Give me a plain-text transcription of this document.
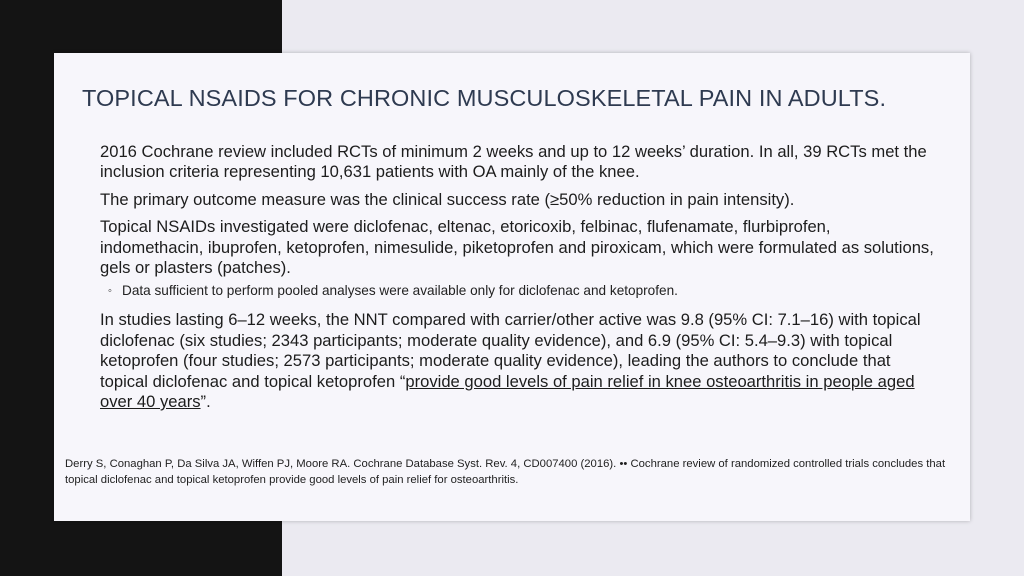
TOPICAL NSAIDS FOR CHRONIC MUSCULOSKELETAL PAIN IN ADULTS.

2016 Cochrane review included RCTs of minimum 2 weeks and up to 12 weeks’ duration. In all, 39 RCTs met the inclusion criteria representing 10,631 patients with OA mainly of the knee.

The primary outcome measure was the clinical success rate (≥50% reduction in pain intensity).

Topical NSAIDs investigated were diclofenac, eltenac, etoricoxib, felbinac, flufenamate, flurbiprofen, indomethacin, ibuprofen, ketoprofen, nimesulide, piketoprofen and piroxicam, which were formulated as solutions, gels or plasters (patches).

◦ Data sufficient to perform pooled analyses were available only for diclofenac and ketoprofen.

In studies lasting 6–12 weeks, the NNT compared with carrier/other active was 9.8 (95% CI: 7.1–16) with topical diclofenac (six studies; 2343 participants; moderate quality evidence), and 6.9 (95% CI: 5.4–9.3) with topical ketoprofen (four studies; 2573 participants; moderate quality evidence), leading the authors to conclude that topical diclofenac and topical ketoprofen “provide good levels of pain relief in knee osteoarthritis in people aged over 40 years”.

Derry S, Conaghan P, Da Silva JA, Wiffen PJ, Moore RA. Cochrane Database Syst. Rev. 4, CD007400 (2016). •• Cochrane review of randomized controlled trials concludes that topical diclofenac and topical ketoprofen provide good levels of pain relief for osteoarthritis.
